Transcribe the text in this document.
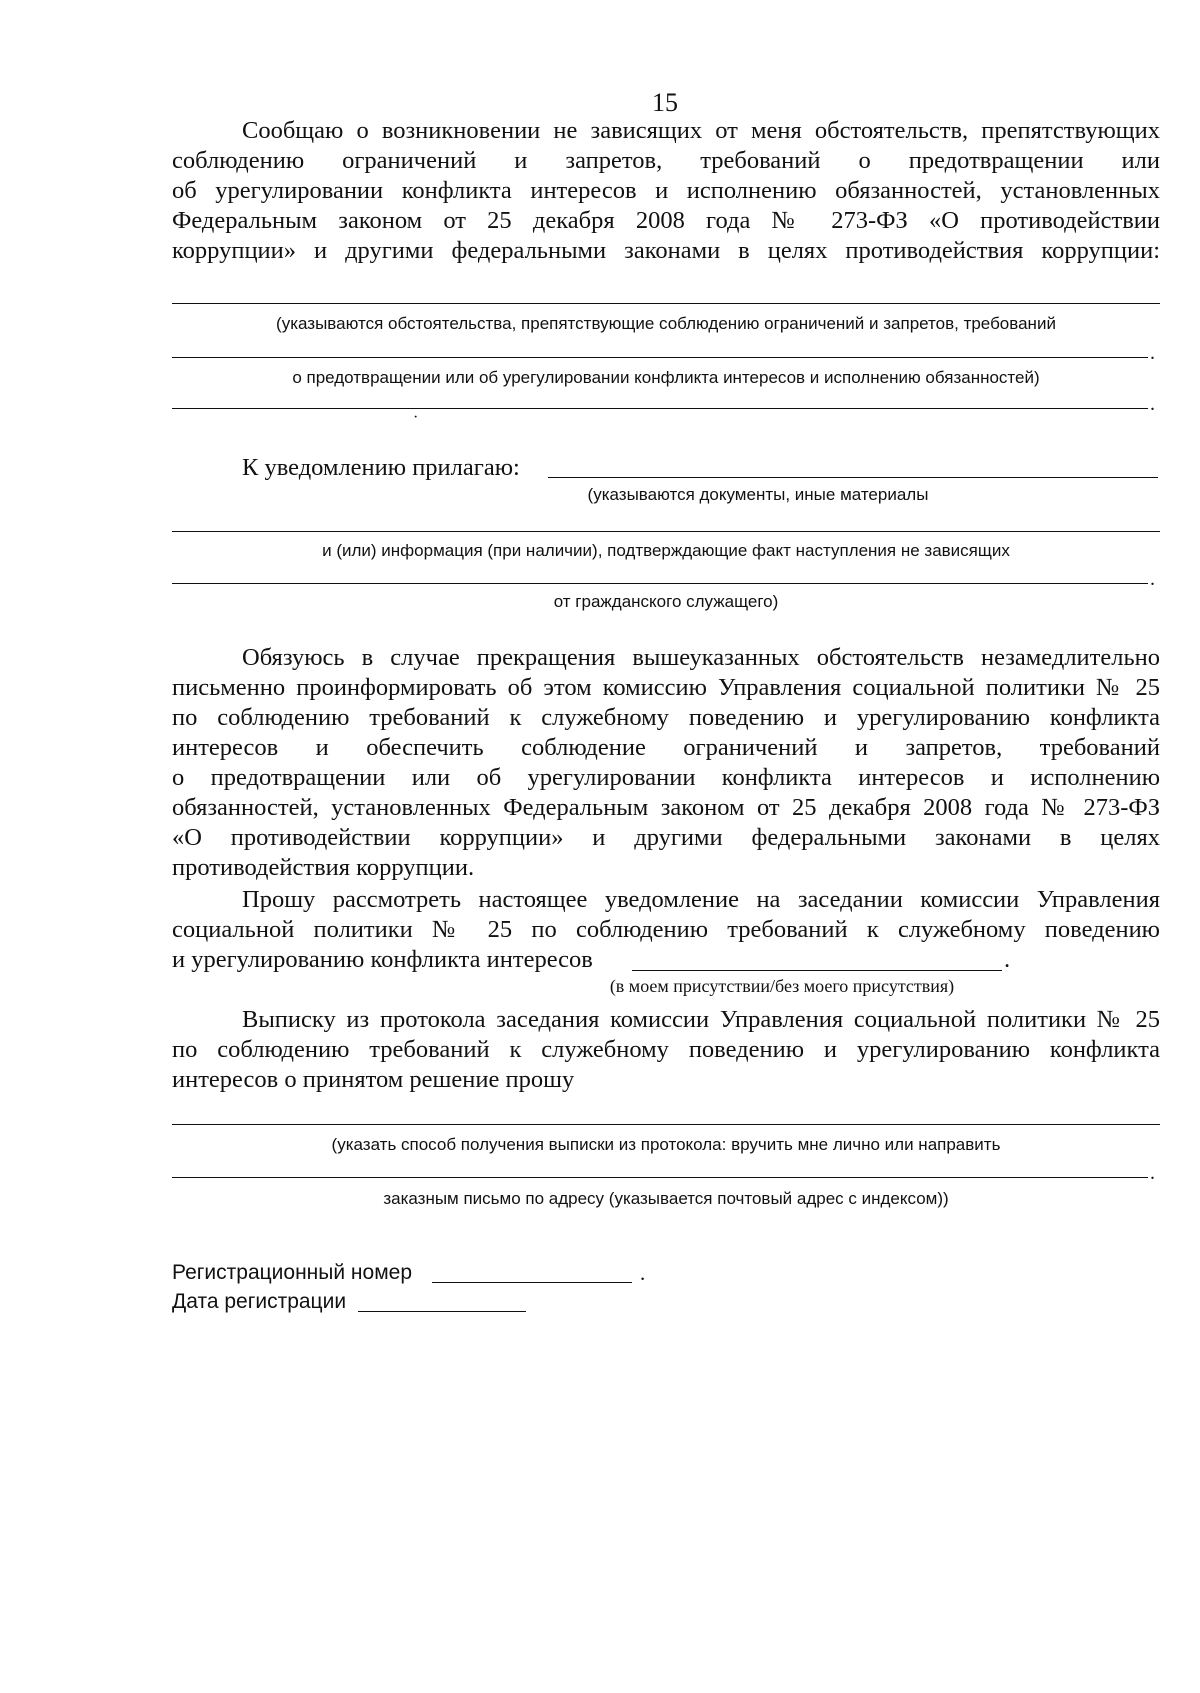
15
Сообщаю о возникновении не зависящих от меня обстоятельств, препятствующих
соблюдению ограничений и запретов, требований о предотвращении или
об урегулировании конфликта интересов и исполнению обязанностей, установленных
Федеральным законом от 25 декабря 2008 года № 273-ФЗ «О противодействии
коррупции» и другими федеральными законами в целях противодействия коррупции:
(указываются обстоятельства, препятствующие соблюдению ограничений и запретов, требований
.
о предотвращении или об урегулировании конфликта интересов и исполнению обязанностей)
.
·
К уведомлению прилагаю:
(указываются документы, иные материалы
и (или) информация (при наличии), подтверждающие факт наступления не зависящих
.
от гражданского служащего)
Обязуюсь в случае прекращения вышеуказанных обстоятельств незамедлительно
письменно проинформировать об этом комиссию Управления социальной политики № 25
по соблюдению требований к служебному поведению и урегулированию конфликта
интересов и обеспечить соблюдение ограничений и запретов, требований
о предотвращении или об урегулировании конфликта интересов и исполнению
обязанностей, установленных Федеральным законом от 25 декабря 2008 года № 273-ФЗ
«О противодействии коррупции» и другими федеральными законами в целях
противодействия коррупции.
Прошу рассмотреть настоящее уведомление на заседании комиссии Управления
социальной политики № 25 по соблюдению требований к служебному поведению
и урегулированию конфликта интересов	.
(в моем присутствии/без моего присутствия)
Выписку из протокола заседания комиссии Управления социальной политики № 25
по соблюдению требований к служебному поведению и урегулированию конфликта
интересов о принятом решение прошу
(указать способ получения выписки из протокола: вручить мне лично или направить
.
заказным письмо по адресу (указывается почтовый адрес с индексом))
Регистрационный номер	.
Дата регистрации
